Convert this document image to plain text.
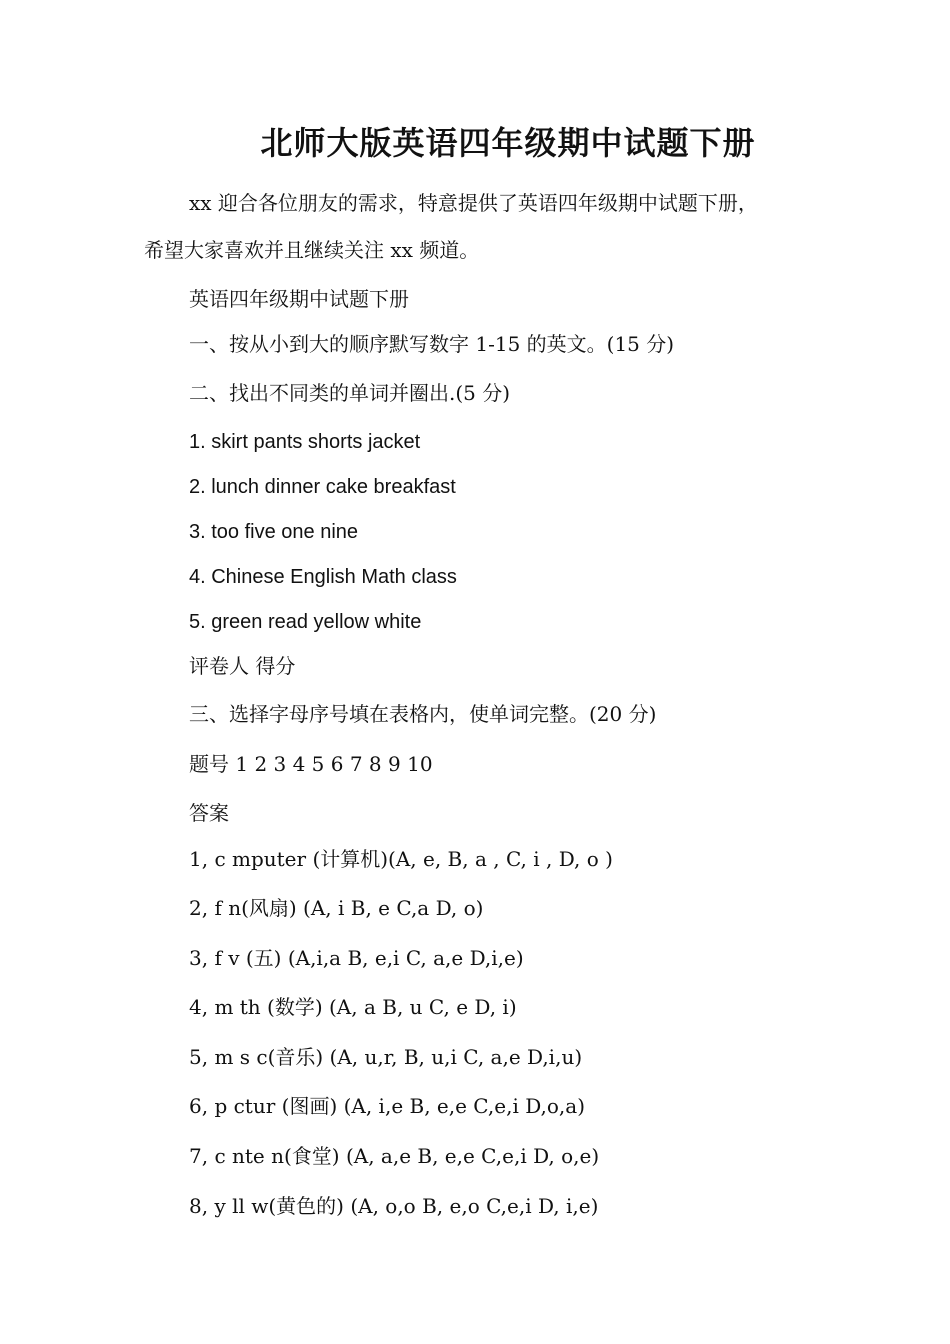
北师大版英语四年级期中试题下册
xx 迎合各位朋友的需求，特意提供了英语四年级期中试题下册，
希望大家喜欢并且继续关注 xx 频道。
英语四年级期中试题下册
一、按从小到大的顺序默写数字 1-15 的英文。(15 分)
二、找出不同类的单词并圈出.(5 分)
1. skirt pants shorts jacket
2. lunch dinner cake breakfast
3. too five one nine
4. Chinese English Math class
5. green read yellow white
评卷人 得分
三、选择字母序号填在表格内，使单词完整。(20 分)
题号 1 2 3 4 5 6 7 8 9 10
答案
1, c mputer (计算机)(A, e, B, a , C, i , D, o )
2, f n(风扇) (A, i B, e C,a D, o)
3, f v (五) (A,i,a B, e,i C, a,e D,i,e)
4, m th (数学) (A, a B, u C, e D, i)
5, m s c(音乐) (A, u,r, B, u,i C, a,e D,i,u)
6, p ctur (图画) (A, i,e B, e,e C,e,i D,o,a)
7, c nte n(食堂) (A, a,e B, e,e C,e,i D, o,e)
8, y ll w(黄色的) (A, o,o B, e,o C,e,i D, i,e)
